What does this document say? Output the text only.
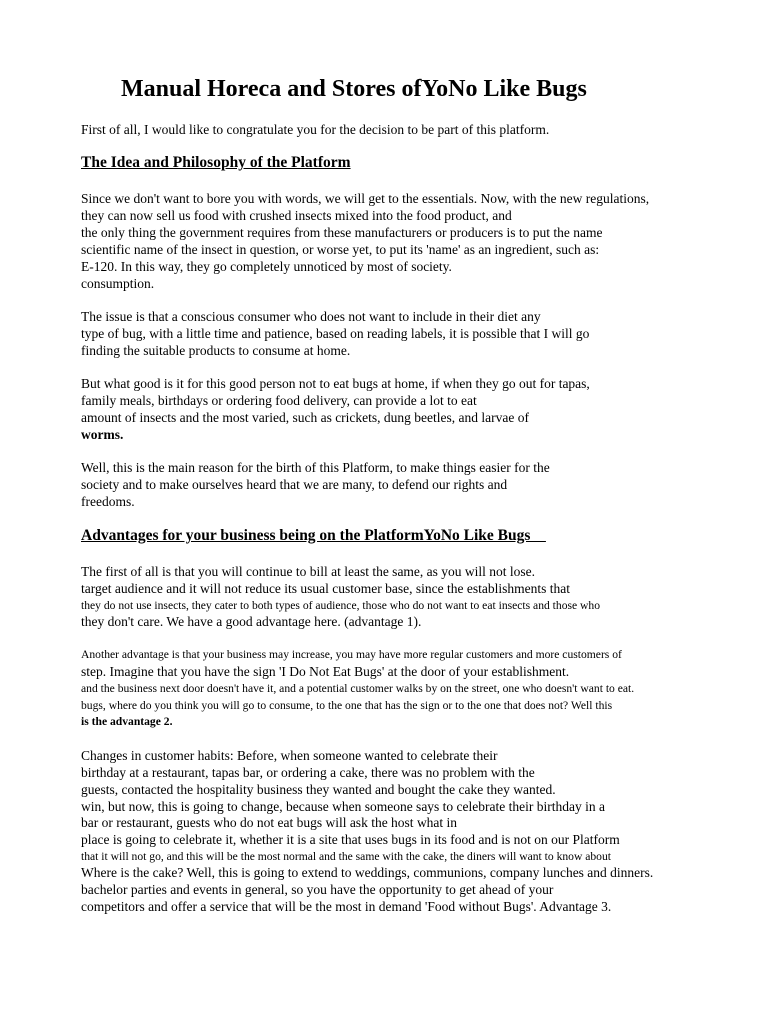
Manual Horeca and Stores ofYoNo Like Bugs
First of all, I would like to congratulate you for the decision to be part of this platform.
The Idea and Philosophy of the Platform
Since we don't want to bore you with words, we will get to the essentials. Now, with the new regulations,
they can now sell us food with crushed insects mixed into the food product, and
the only thing the government requires from these manufacturers or producers is to put the name
scientific name of the insect in question, or worse yet, to put its 'name' as an ingredient, such as:
E-120. In this way, they go completely unnoticed by most of society.
consumption.
The issue is that a conscious consumer who does not want to include in their diet any
type of bug, with a little time and patience, based on reading labels, it is possible that I will go
finding the suitable products to consume at home.
But what good is it for this good person not to eat bugs at home, if when they go out for tapas,
family meals, birthdays or ordering food delivery, can provide a lot to eat
amount of insects and the most varied, such as crickets, dung beetles, and larvae of
worms.
Well, this is the main reason for the birth of this Platform, to make things easier for the
society and to make ourselves heard that we are many, to defend our rights and
freedoms.
Advantages for your business being on the PlatformYoNo Like Bugs
The first of all is that you will continue to bill at least the same, as you will not lose.
target audience and it will not reduce its usual customer base, since the establishments that
they do not use insects, they cater to both types of audience, those who do not want to eat insects and those who
they don't care. We have a good advantage here. (advantage 1).
Another advantage is that your business may increase, you may have more regular customers and more customers of
step. Imagine that you have the sign 'I Do Not Eat Bugs' at the door of your establishment.
and the business next door doesn't have it, and a potential customer walks by on the street, one who doesn't want to eat.
bugs, where do you think you will go to consume, to the one that has the sign or to the one that does not? Well this
is the advantage 2.
Changes in customer habits: Before, when someone wanted to celebrate their
birthday at a restaurant, tapas bar, or ordering a cake, there was no problem with the
guests, contacted the hospitality business they wanted and bought the cake they wanted.
win, but now, this is going to change, because when someone says to celebrate their birthday in a
bar or restaurant, guests who do not eat bugs will ask the host what in
place is going to celebrate it, whether it is a site that uses bugs in its food and is not on our Platform
that it will not go, and this will be the most normal and the same with the cake, the diners will want to know about
Where is the cake? Well, this is going to extend to weddings, communions, company lunches and dinners.
bachelor parties and events in general, so you have the opportunity to get ahead of your
competitors and offer a service that will be the most in demand 'Food without Bugs'. Advantage 3.
